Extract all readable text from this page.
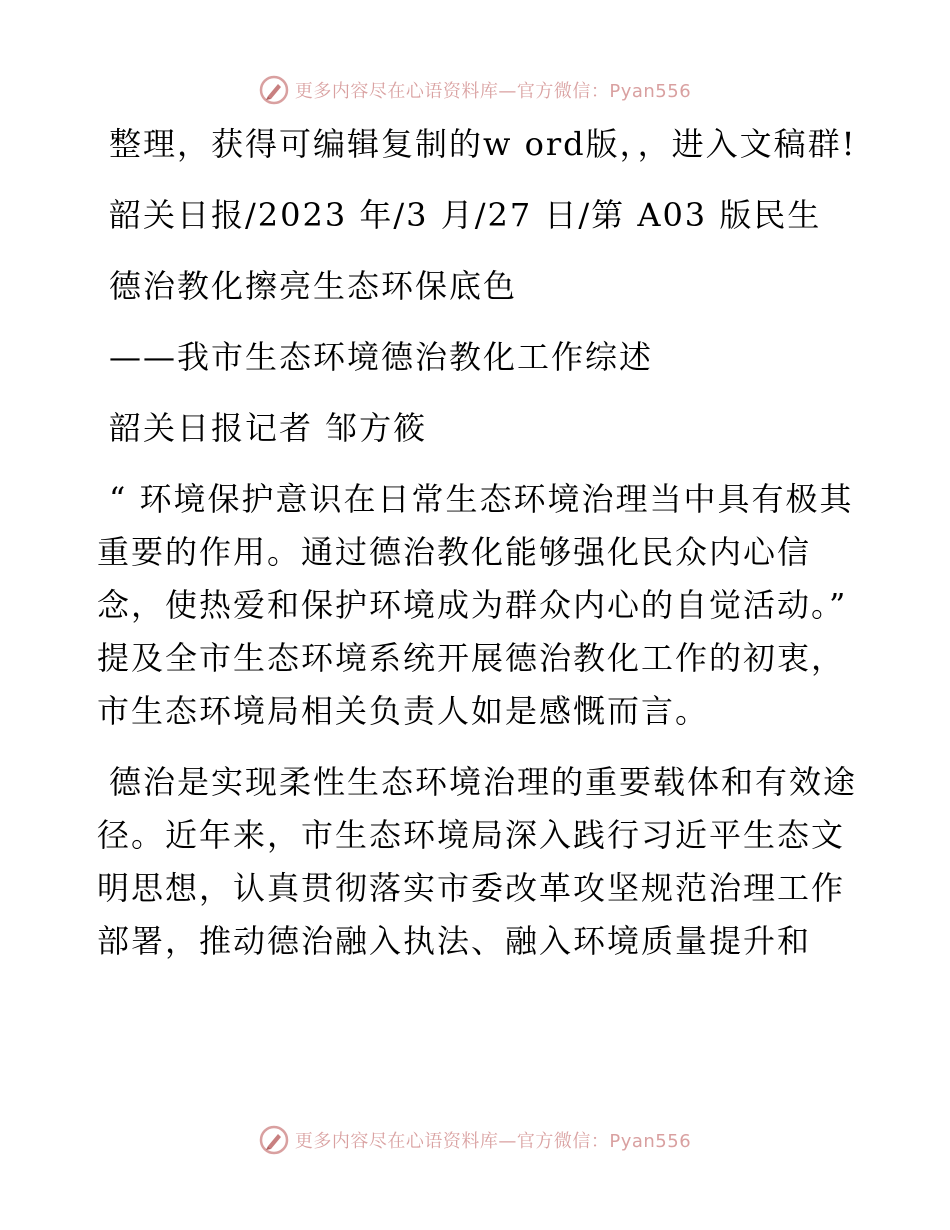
更多内容尽在心语资料库—官方微信：Pyan556

整理，获得可编辑复制的w ord版，，进入文稿群!

韶关日报/2023 年/3 月/27 日/第 A03 版民生

德治教化擦亮生态环保底色

——我市生态环境德治教化工作综述

韶关日报记者 邹方筱

“ 环境保护意识在日常生态环境治理当中具有极其重要的作用。通过德治教化能够强化民众内心信念，使热爱和保护环境成为群众内心的自觉活动。” 提及全市生态环境系统开展德治教化工作的初衷，市生态环境局相关负责人如是感慨而言。

德治是实现柔性生态环境治理的重要载体和有效途径。近年来，市生态环境局深入践行习近平生态文明思想，认真贯彻落实市委改革攻坚规范治理工作部署，推动德治融入执法、融入环境质量提升和

更多内容尽在心语资料库—官方微信：Pyan556
